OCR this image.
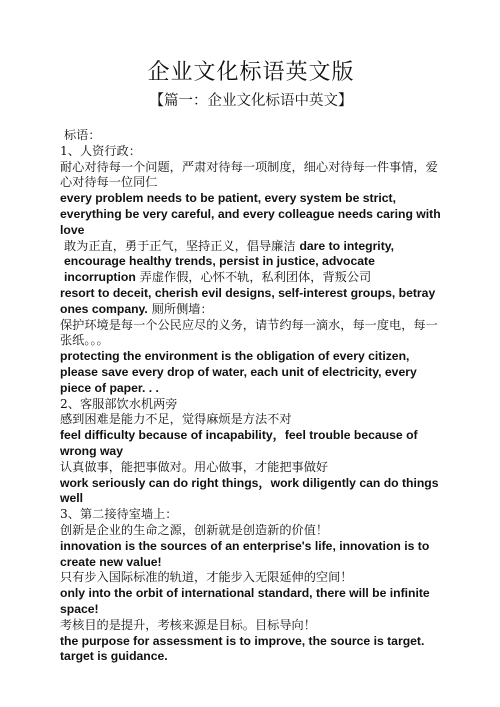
企业文化标语英文版
【篇一：企业文化标语中英文】

标语：

1、人资行政：

耐心对待每一个问题，严肃对待每一项制度，细心对待每一件事情，爱心对待每一位同仁

every problem needs to be patient, every system be strict, everything be very careful, and every colleague needs caring with love

敢为正直，勇于正气，坚持正义，倡导廉洁 dare to integrity, encourage healthy trends, persist in justice, advocate incorruption 弄虚作假，心怀不轨，私利团体，背叛公司

resort to deceit, cherish evil designs, self-interest groups, betray ones company. 厕所侧墙：

保护环境是每一个公民应尽的义务，请节约每一滴水，每一度电，每一张纸。。。

protecting the environment is the obligation of every citizen, please save every drop of water, each unit of electricity, every piece of paper. . .

2、客服部饮水机两旁

感到困难是能力不足，觉得麻烦是方法不对

feel difficulty because of incapability，feel trouble because of wrong way

认真做事，能把事做对。用心做事，才能把事做好

work seriously can do right things，work diligently can do things well

3、第二接待室墙上：

创新是企业的生命之源，创新就是创造新的价值！

innovation is the sources of an enterprise's life, innovation is to create new value!

只有步入国际标准的轨道，才能步入无限延伸的空间！

only into the orbit of international standard, there will be infinite space!

考核目的是提升，考核来源是目标。目标导向！

the purpose for assessment is to improve, the source is target. target is guidance.
